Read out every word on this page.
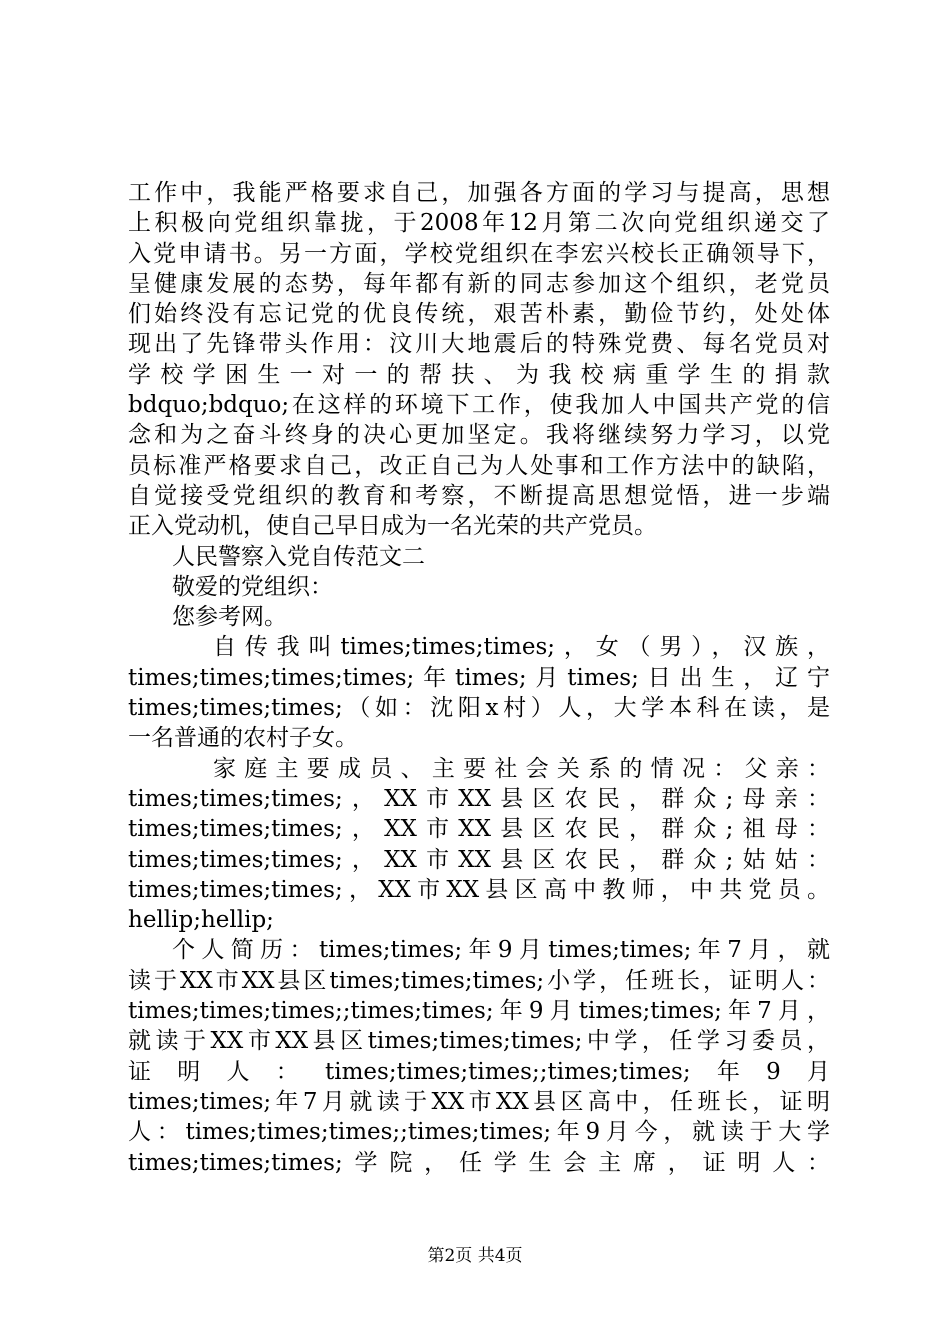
工作中，我能严格要求自己，加强各方面的学习与提高，思想
上积极向党组织靠拢，于2008年12月第二次向党组织递交了
入党申请书。另一方面，学校党组织在李宏兴校长正确领导下，
呈健康发展的态势，每年都有新的同志参加这个组织，老党员
们始终没有忘记党的优良传统，艰苦朴素，勤俭节约，处处体
现出了先锋带头作用：汶川大地震后的特殊党费、每名党员对
学校学困生一对一的帮扶、为我校病重学生的捐款
bdquo;bdquo;在这样的环境下工作，使我加人中国共产党的信
念和为之奋斗终身的决心更加坚定。我将继续努力学习，以党
员标准严格要求自己，改正自己为人处事和工作方法中的缺陷，
自觉接受党组织的教育和考察，不断提高思想觉悟，进一步端
正入党动机，使自己早日成为一名光荣的共产党员。
人民警察入党自传范文二
敬爱的党组织：
您参考网。
自传我叫times;times;times;，女（男），汉族，
times;times;times;times;年times;月times;日出生，辽宁
times;times;times;（如：沈阳x村）人，大学本科在读，是
一名普通的农村子女。
家庭主要成员、主要社会关系的情况：父亲：
times;times;times;，XX市XX县区农民，群众;母亲：
times;times;times;，XX市XX县区农民，群众;祖母：
times;times;times;，XX市XX县区农民，群众;姑姑：
times;times;times;，XX市XX县区高中教师，中共党员。
hellip;hellip;
个人简历：times;times;年9月times;times;年7月，就
读于XX市XX县区times;times;times;小学，任班长，证明人：
times;times;times;;times;times;年9月times;times;年7月，
就读于XX市XX县区times;times;times;中学，任学习委员，
证明人：times;times;times;;times;times;年9月
times;times;年7月就读于XX市XX县区高中，任班长，证明
人：times;times;times;;times;times;年9月今，就读于大学
times;times;times;学院，任学生会主席，证明人：
第2页 共4页
